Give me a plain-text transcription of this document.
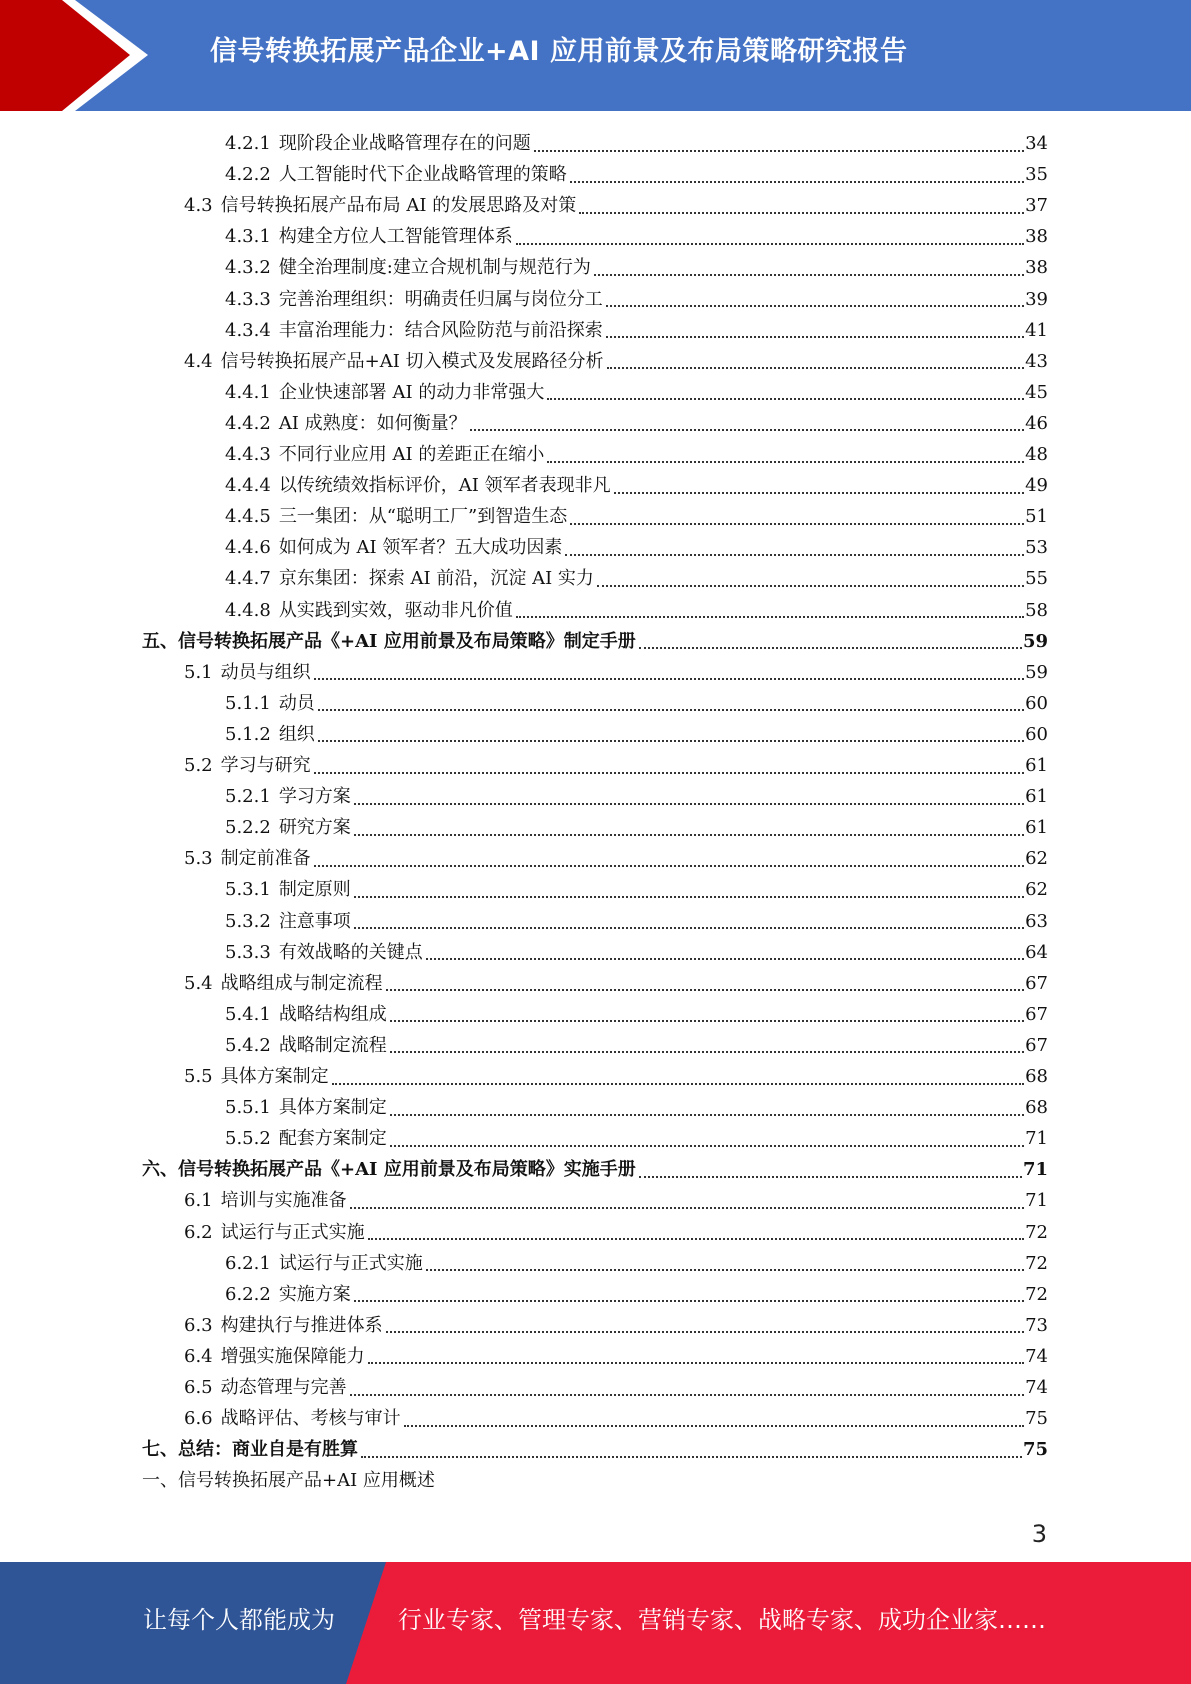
信号转换拓展产品企业+AI 应用前景及布局策略研究报告
4.2.1 现阶段企业战略管理存在的问题	34
4.2.2 人工智能时代下企业战略管理的策略	35
4.3 信号转换拓展产品布局 AI 的发展思路及对策	37
4.3.1 构建全方位人工智能管理体系	38
4.3.2 健全治理制度:建立合规机制与规范行为	38
4.3.3 完善治理组织：明确责任归属与岗位分工	39
4.3.4 丰富治理能力：结合风险防范与前沿探索	41
4.4 信号转换拓展产品+AI 切入模式及发展路径分析	43
4.4.1 企业快速部署 AI 的动力非常强大	45
4.4.2 AI 成熟度：如何衡量？	46
4.4.3 不同行业应用 AI 的差距正在缩小	48
4.4.4 以传统绩效指标评价，AI 领军者表现非凡	49
4.4.5 三一集团：从“聪明工厂”到智造生态	51
4.4.6 如何成为 AI 领军者？五大成功因素	53
4.4.7 京东集团：探索 AI 前沿，沉淀 AI 实力	55
4.4.8 从实践到实效，驱动非凡价值	58
五、 信号转换拓展产品《+AI 应用前景及布局策略》制定手册	59
5.1 动员与组织	59
5.1.1 动员	60
5.1.2 组织	60
5.2 学习与研究	61
5.2.1 学习方案	61
5.2.2 研究方案	61
5.3 制定前准备	62
5.3.1 制定原则	62
5.3.2 注意事项	63
5.3.3 有效战略的关键点	64
5.4 战略组成与制定流程	67
5.4.1 战略结构组成	67
5.4.2 战略制定流程	67
5.5 具体方案制定	68
5.5.1 具体方案制定	68
5.5.2 配套方案制定	71
六、 信号转换拓展产品《+AI 应用前景及布局策略》实施手册	71
6.1 培训与实施准备	71
6.2 试运行与正式实施	72
6.2.1 试运行与正式实施	72
6.2.2 实施方案	72
6.3 构建执行与推进体系	73
6.4 增强实施保障能力	74
6.5 动态管理与完善	74
6.6 战略评估、考核与审计	75
七、 总结：商业自是有胜算	75
一、信号转换拓展产品+AI 应用概述
3
让每个人都能成为	行业专家、管理专家、营销专家、战略专家、成功企业家……
